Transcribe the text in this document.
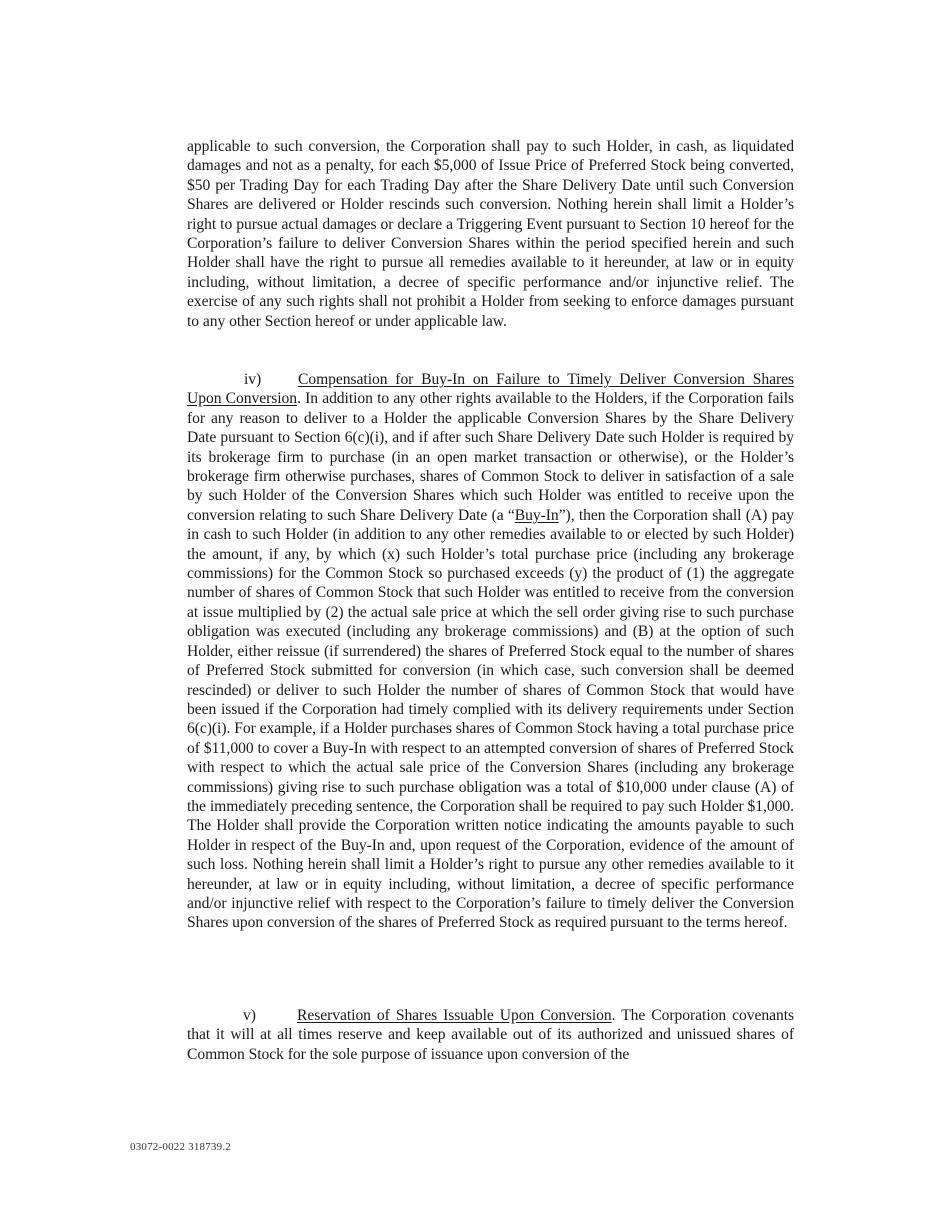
applicable to such conversion, the Corporation shall pay to such Holder, in cash, as liquidated damages and not as a penalty, for each $5,000 of Issue Price of Preferred Stock being converted, $50 per Trading Day for each Trading Day after the Share Delivery Date until such Conversion Shares are delivered or Holder rescinds such conversion. Nothing herein shall limit a Holder’s right to pursue actual damages or declare a Triggering Event pursuant to Section 10 hereof for the Corporation’s failure to deliver Conversion Shares within the period specified herein and such Holder shall have the right to pursue all remedies available to it hereunder, at law or in equity including, without limitation, a decree of specific performance and/or injunctive relief. The exercise of any such rights shall not prohibit a Holder from seeking to enforce damages pursuant to any other Section hereof or under applicable law.

iv) Compensation for Buy-In on Failure to Timely Deliver Conversion Shares Upon Conversion. In addition to any other rights available to the Holders, if the Corporation fails for any reason to deliver to a Holder the applicable Conversion Shares by the Share Delivery Date pursuant to Section 6(c)(i), and if after such Share Delivery Date such Holder is required by its brokerage firm to purchase (in an open market transaction or otherwise), or the Holder’s brokerage firm otherwise purchases, shares of Common Stock to deliver in satisfaction of a sale by such Holder of the Conversion Shares which such Holder was entitled to receive upon the conversion relating to such Share Delivery Date (a “Buy-In”), then the Corporation shall (A) pay in cash to such Holder (in addition to any other remedies available to or elected by such Holder) the amount, if any, by which (x) such Holder’s total purchase price (including any brokerage commissions) for the Common Stock so purchased exceeds (y) the product of (1) the aggregate number of shares of Common Stock that such Holder was entitled to receive from the conversion at issue multiplied by (2) the actual sale price at which the sell order giving rise to such purchase obligation was executed (including any brokerage commissions) and (B) at the option of such Holder, either reissue (if surrendered) the shares of Preferred Stock equal to the number of shares of Preferred Stock submitted for conversion (in which case, such conversion shall be deemed rescinded) or deliver to such Holder the number of shares of Common Stock that would have been issued if the Corporation had timely complied with its delivery requirements under Section 6(c)(i). For example, if a Holder purchases shares of Common Stock having a total purchase price of $11,000 to cover a Buy-In with respect to an attempted conversion of shares of Preferred Stock with respect to which the actual sale price of the Conversion Shares (including any brokerage commissions) giving rise to such purchase obligation was a total of $10,000 under clause (A) of the immediately preceding sentence, the Corporation shall be required to pay such Holder $1,000. The Holder shall provide the Corporation written notice indicating the amounts payable to such Holder in respect of the Buy-In and, upon request of the Corporation, evidence of the amount of such loss. Nothing herein shall limit a Holder’s right to pursue any other remedies available to it hereunder, at law or in equity including, without limitation, a decree of specific performance and/or injunctive relief with respect to the Corporation’s failure to timely deliver the Conversion Shares upon conversion of the shares of Preferred Stock as required pursuant to the terms hereof.

v)	Reservation of Shares Issuable Upon Conversion. The Corporation covenants that it will at all times reserve and keep available out of its authorized and unissued shares of Common Stock for the sole purpose of issuance upon conversion of the

03072-0022 318739.2
